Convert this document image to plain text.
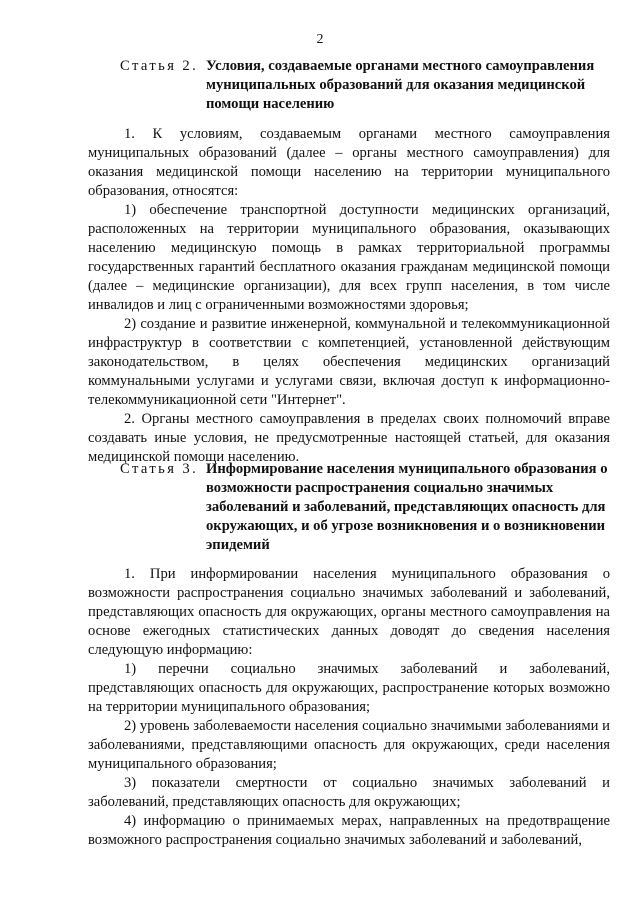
2
Статья 2. Условия, создаваемые органами местного самоуправления муниципальных образований для оказания медицинской помощи населению

1. К условиям, создаваемым органами местного самоуправления муниципальных образований (далее – органы местного самоуправления) для оказания медицинской помощи населению на территории муниципального образования, относятся:

1) обеспечение транспортной доступности медицинских организаций, расположенных на территории муниципального образования, оказывающих населению медицинскую помощь в рамках территориальной программы государственных гарантий бесплатного оказания гражданам медицинской помощи (далее – медицинские организации), для всех групп населения, в том числе инвалидов и лиц с ограниченными возможностями здоровья;

2) создание и развитие инженерной, коммунальной и телекоммуникационной инфраструктур в соответствии с компетенцией, установленной действующим законодательством, в целях обеспечения медицинских организаций коммунальными услугами и услугами связи, включая доступ к информационно-телекоммуникационной сети "Интернет".

2. Органы местного самоуправления в пределах своих полномочий вправе создавать иные условия, не предусмотренные настоящей статьей, для оказания медицинской помощи населению.

Статья 3. Информирование населения муниципального образования о возможности распространения социально значимых заболеваний и заболеваний, представляющих опасность для окружающих, и об угрозе возникновения и о возникновении эпидемий

1. При информировании населения муниципального образования о возможности распространения социально значимых заболеваний и заболеваний, представляющих опасность для окружающих, органы местного самоуправления на основе ежегодных статистических данных доводят до сведения населения следующую информацию:

1) перечни социально значимых заболеваний и заболеваний, представляющих опасность для окружающих, распространение которых возможно на территории муниципального образования;

2) уровень заболеваемости населения социально значимыми заболеваниями и заболеваниями, представляющими опасность для окружающих, среди населения муниципального образования;

3) показатели смертности от социально значимых заболеваний и заболеваний, представляющих опасность для окружающих;

4) информацию о принимаемых мерах, направленных на предотвращение возможного распространения социально значимых заболеваний и заболеваний,
